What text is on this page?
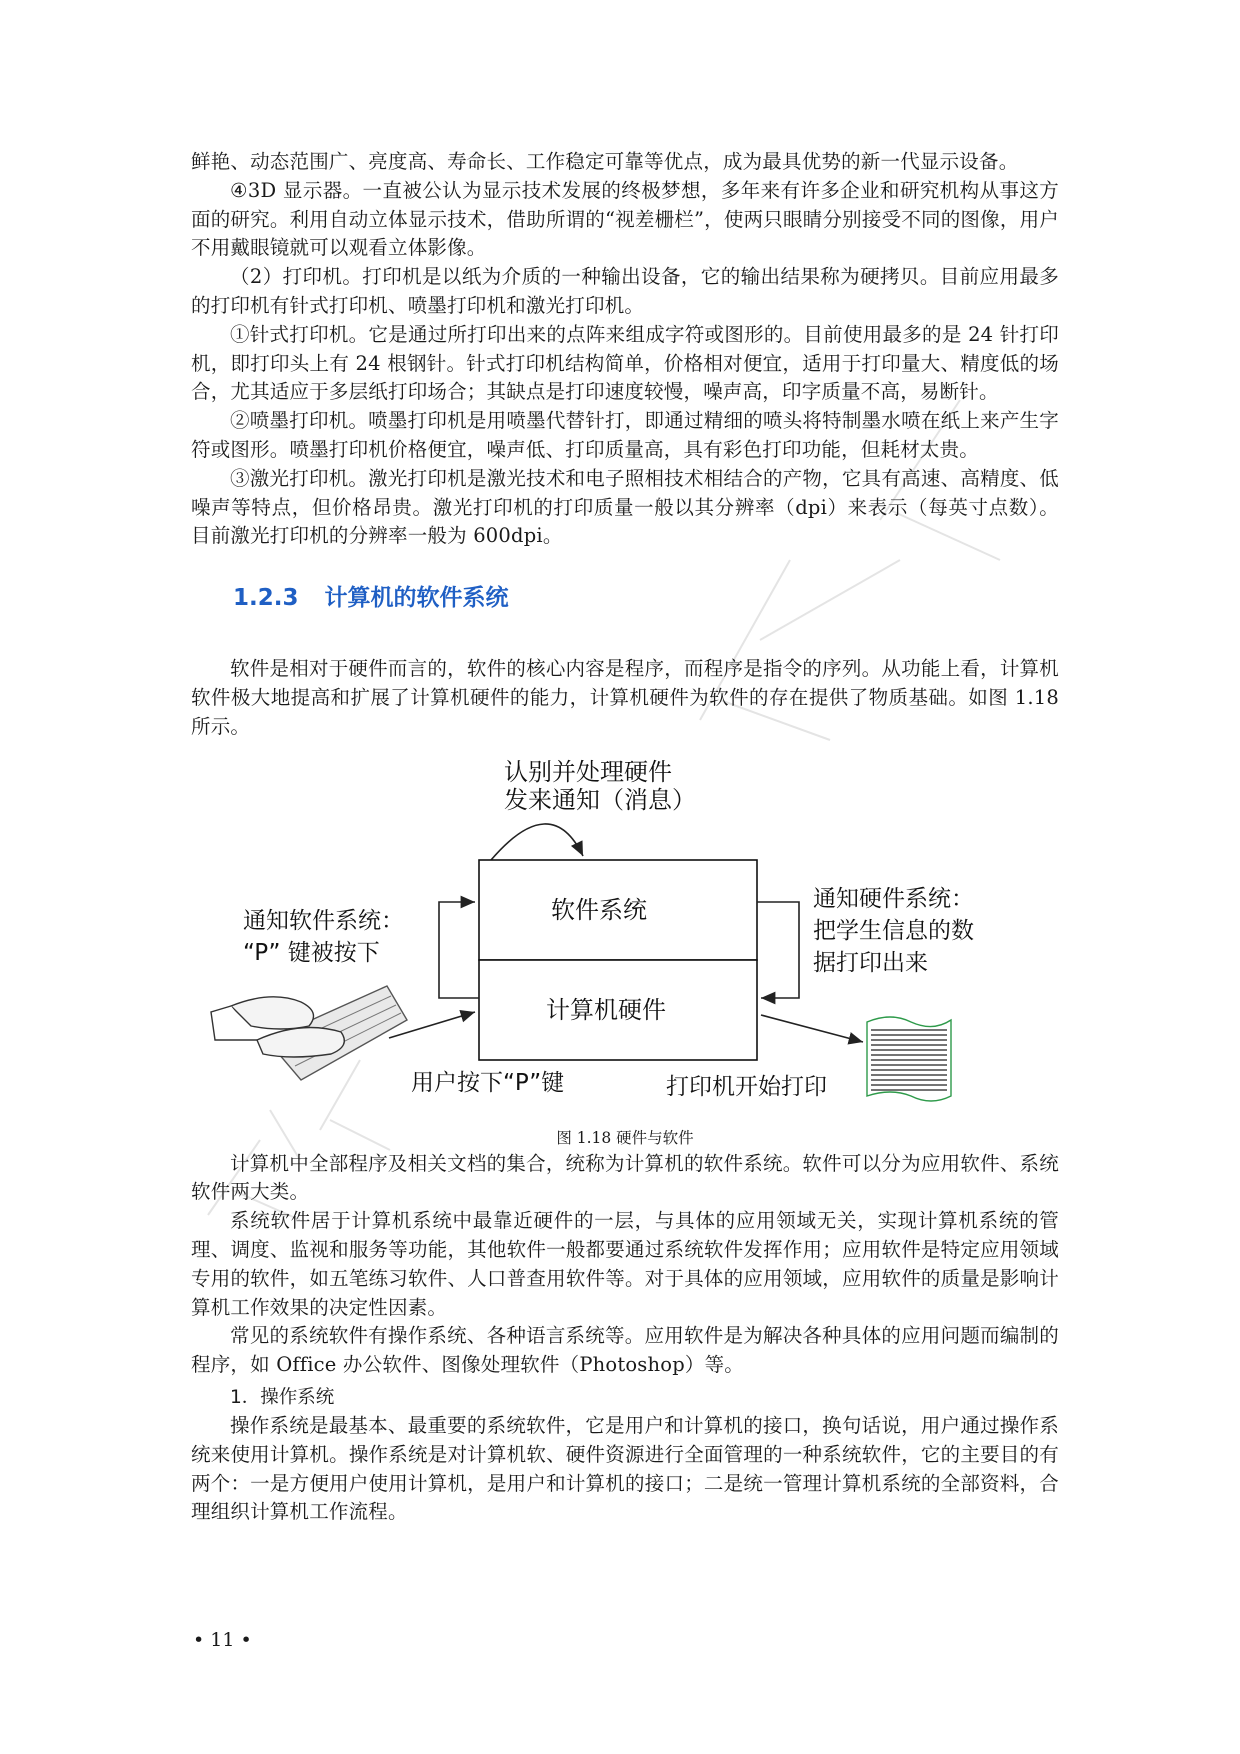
鲜艳、动态范围广、亮度高、寿命长、工作稳定可靠等优点，成为最具优势的新一代显示设备。

④3D 显示器。一直被公认为显示技术发展的终极梦想，多年来有许多企业和研究机构从事这方面的研究。利用自动立体显示技术，借助所谓的“视差栅栏”，使两只眼睛分别接受不同的图像，用户不用戴眼镜就可以观看立体影像。

（2）打印机。打印机是以纸为介质的一种输出设备，它的输出结果称为硬拷贝。目前应用最多的打印机有针式打印机、喷墨打印机和激光打印机。

①针式打印机。它是通过所打印出来的点阵来组成字符或图形的。目前使用最多的是 24 针打印机，即打印头上有 24 根钢针。针式打印机结构简单，价格相对便宜，适用于打印量大、精度低的场合，尤其适应于多层纸打印场合；其缺点是打印速度较慢，噪声高，印字质量不高，易断针。

②喷墨打印机。喷墨打印机是用喷墨代替针打，即通过精细的喷头将特制墨水喷在纸上来产生字符或图形。喷墨打印机价格便宜，噪声低、打印质量高，具有彩色打印功能，但耗材太贵。

③激光打印机。激光打印机是激光技术和电子照相技术相结合的产物，它具有高速、高精度、低噪声等特点，但价格昂贵。激光打印机的打印质量一般以其分辨率（dpi）来表示（每英寸点数）。目前激光打印机的分辨率一般为 600dpi。

1.2.3 计算机的软件系统

软件是相对于硬件而言的，软件的核心内容是程序，而程序是指令的序列。从功能上看，计算机软件极大地提高和扩展了计算机硬件的能力，计算机硬件为软件的存在提供了物质基础。如图 1.18 所示。

认别并处理硬件
发来通知（消息）
软件系统
计算机硬件
通知软件系统：
“P” 键被按下
通知硬件系统：
把学生信息的数
据打印出来
用户按下“P”键	打印机开始打印
图 1.18 硬件与软件

计算机中全部程序及相关文档的集合，统称为计算机的软件系统。软件可以分为应用软件、系统软件两大类。

系统软件居于计算机系统中最靠近硬件的一层，与具体的应用领域无关，实现计算机系统的管理、调度、监视和服务等功能，其他软件一般都要通过系统软件发挥作用；应用软件是特定应用领域专用的软件，如五笔练习软件、人口普查用软件等。对于具体的应用领域，应用软件的质量是影响计算机工作效果的决定性因素。

常见的系统软件有操作系统、各种语言系统等。应用软件是为解决各种具体的应用问题而编制的程序，如 Office 办公软件、图像处理软件（Photoshop）等。

1．操作系统

操作系统是最基本、最重要的系统软件，它是用户和计算机的接口，换句话说，用户通过操作系统来使用计算机。操作系统是对计算机软、硬件资源进行全面管理的一种系统软件，它的主要目的有两个：一是方便用户使用计算机，是用户和计算机的接口；二是统一管理计算机系统的全部资料，合理组织计算机工作流程。

• 11 •
